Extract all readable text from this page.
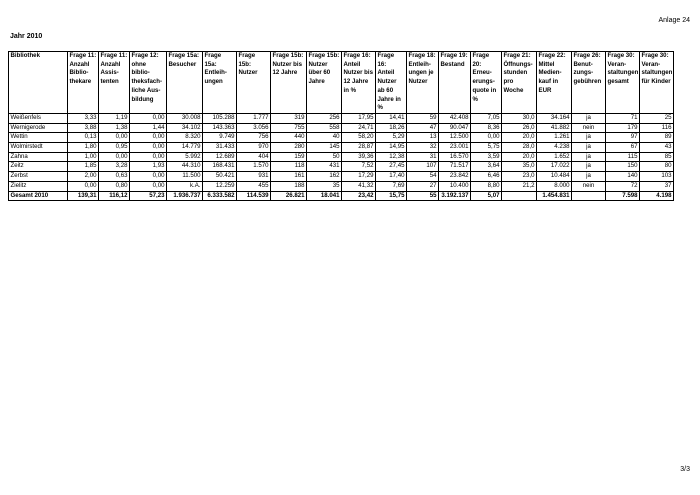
Anlage 24
Jahr 2010
Bibliothek	Frage 11: Anzahl Biblio- thekare	Frage 11: Anzahl Assis- tenten	Frage 12: ohne biblio- theksfach- liche Aus- bildung	Frage 15a: Besucher	Frage 15a: Entleih- ungen	Frage 15b: Nutzer	Frage 15b: Nutzer bis 12 Jahre	Frage 15b: Nutzer über 60 Jahre	Frage 16: Anteil Nutzer bis 12 Jahre in %	Frage 16: Anteil Nutzer ab 60 Jahre in %	Frage 18: Entleih- ungen je Nutzer	Frage 19: Bestand	Frage 20: Erneu- erungs- quote in %	Frage 21: Öffnungs- stunden pro Woche	Frage 22: Mittel Medien- kauf in EUR	Frage 26: Benut- zungs- gebühren	Frage 30: Veran- staltungen gesamt	Frage 30: Veran- staltungen für Kinder
Weißenfels	3,33	1,19	0,00	30.008	105.288	1.777	319	256	17,95	14,41	59	42.408	7,05	30,0	34.164	ja	71	25
Wernigerode	3,88	1,38	1,44	34.102	143.363	3.056	755	558	24,71	18,26	47	90.047	8,36	26,0	41.882	nein	179	116
Wettin	0,13	0,00	0,00	8.320	9.749	756	440	40	58,20	5,29	13	12.500	0,00	20,0	1.261	ja	97	89
Wolmirstedt	1,80	0,95	0,00	14.779	31.433	970	280	145	28,87	14,95	32	23.001	5,75	28,0	4.238	ja	67	43
Zahna	1,00	0,00	0,00	5.992	12.689	404	159	50	39,36	12,38	31	16.570	3,59	20,0	1.652	ja	115	85
Zeitz	1,85	3,28	1,93	44.310	168.431	1.570	118	431	7,52	27,45	107	71.517	3,64	35,0	17.022	ja	150	80
Zerbst	2,00	0,63	0,00	11.500	50.421	931	161	162	17,29	17,40	54	23.842	6,46	23,0	10.484	ja	140	103
Zielitz	0,00	0,80	0,00	k.A.	12.259	455	188	35	41,32	7,69	27	10.400	8,80	21,2	8.000	nein	72	37
Gesamt 2010	139,31	116,12	57,23	1.936.737	6.333.582	114.539	26.821	18.041	23,42	15,75	55	3.192.137	5,07		1.454.831		7.598	4.198
3/3
